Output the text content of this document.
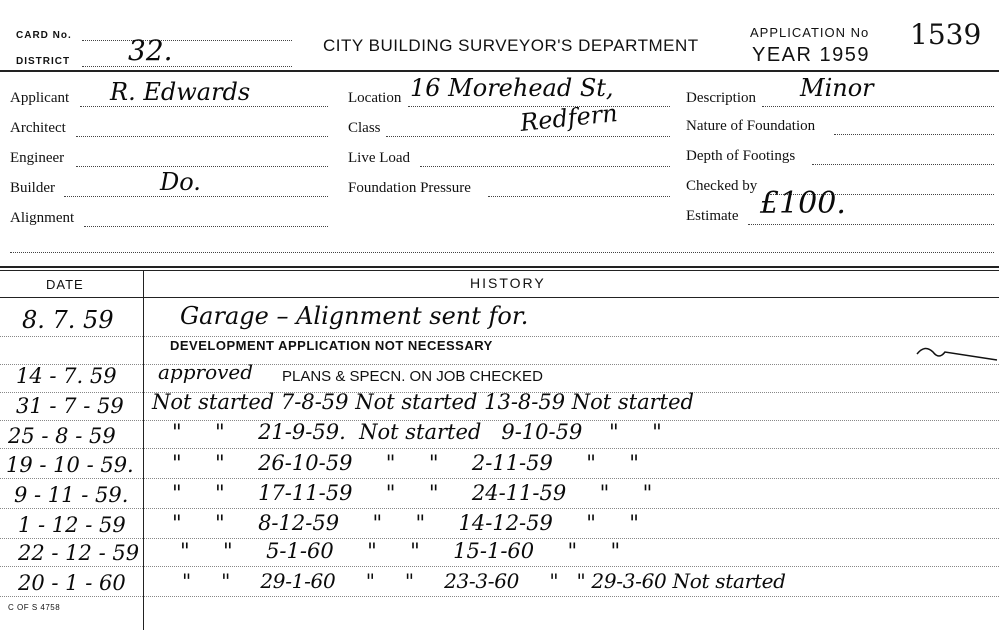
CARD No.
DISTRICT 32.	CITY BUILDING SURVEYOR'S DEPARTMENT
APPLICATION No 1539
YEAR 1959
Applicant R. Edwards
Architect
Engineer
Builder	Do.
Alignment
Location 16 Morehead St,
Class	Redfern
Live Load
Foundation Pressure
Description Minor
Nature of Foundation
Depth of Footings
Checked by
Estimate £100.
DATE	HISTORY
8. 7. 59	Garage – Alignment sent for.
DEVELOPMENT APPLICATION NOT NECESSARY
14 - 7. 59 approved PLANS & SPECN. ON JOB CHECKED
31 - 7 - 59 Not started 7-8-59 Not started 13-8-59 Not started
25 - 8 - 59	"     "     21-9-59.  Not started   9-10-59    "     "
19 - 10 - 59. "     "     26-10-59     "     "     2-11-59     "     "
9 - 11 - 59. "     "     17-11-59     "     "     24-11-59     "     "
1 - 12 - 59 "     "     8-12-59     "     "     14-12-59     "     "
22 - 12 - 59 "     "     5-1-60     "     "     15-1-60     "     "
20 - 1 - 60	"     "     29-1-60     "     "     23-3-60     "   " 29-3-60 Not started
C OF S 4758
